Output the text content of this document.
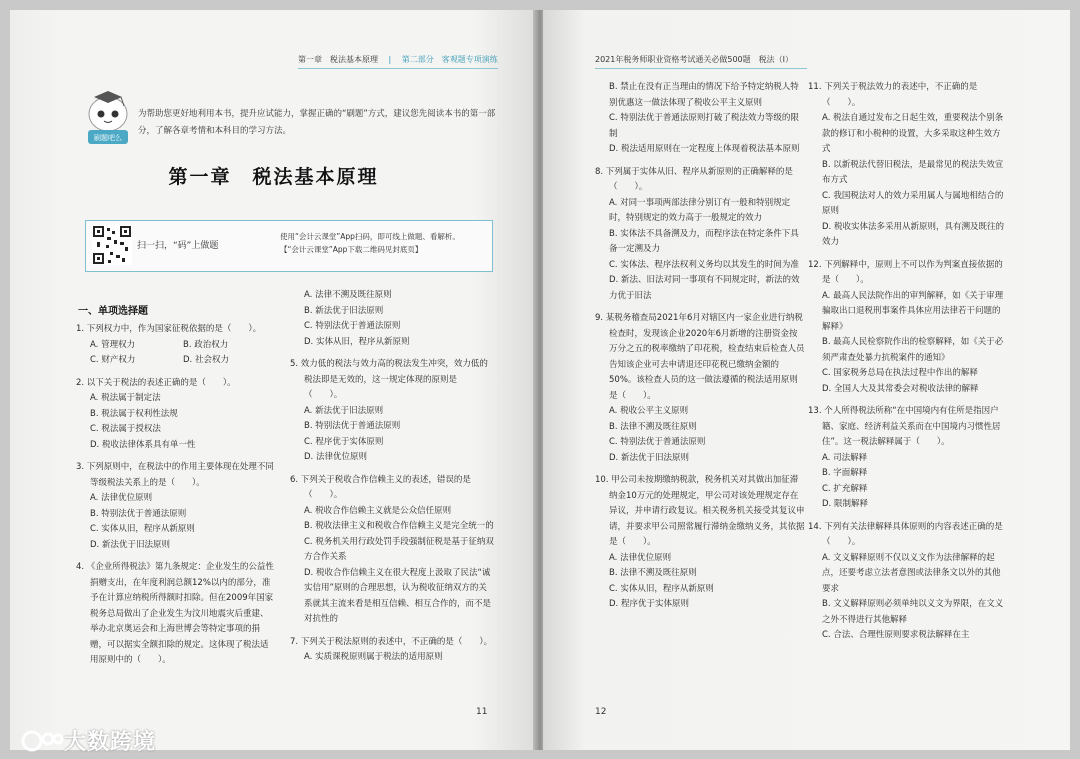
第一章　税法基本原理 　|　 第二部分　客观题专项演练
刷题吧么
为帮助您更好地利用本书，提升应试能力，掌握正确的“刷题”方式，建议您先阅读本书的第一部分，了解各章考情和本科目的学习方法。
第一章　税法基本原理
扫一扫，“码”上做题
使用“会计云课堂”App扫码，即可线上做题、看解析。
【“会计云课堂”App下载二维码见封底页】
一、单项选择题
1. 下列权力中，作为国家征税依据的是（　　）。
A. 管理权力	B. 政治权力
C. 财产权力	D. 社会权力
2. 以下关于税法的表述正确的是（　　）。
A. 税法属于制定法
B. 税法属于权利性法规
C. 税法属于授权法
D. 税收法律体系具有单一性
3. 下列原则中，在税法中的作用主要体现在处理不同等级税法关系上的是（　　）。
A. 法律优位原则
B. 特别法优于普通法原则
C. 实体从旧，程序从新原则
D. 新法优于旧法原则
4. 《企业所得税法》第九条规定：企业发生的公益性捐赠支出，在年度利润总额12%以内的部分，准予在计算应纳税所得额时扣除。但在2009年国家税务总局做出了企业发生为汶川地震灾后重建、举办北京奥运会和上海世博会等特定事项的捐赠，可以据实全额扣除的规定。这体现了税法适用原则中的（　　）。
A. 法律不溯及既往原则
B. 新法优于旧法原则
C. 特别法优于普通法原则
D. 实体从旧，程序从新原则
5. 效力低的税法与效力高的税法发生冲突，效力低的税法即是无效的，这一规定体现的原则是（　　）。
A. 新法优于旧法原则
B. 特别法优于普通法原则
C. 程序优于实体原则
D. 法律优位原则
6. 下列关于税收合作信赖主义的表述，错误的是（　　）。
A. 税收合作信赖主义就是公众信任原则
B. 税收法律主义和税收合作信赖主义是完全统一的
C. 税务机关用行政处罚手段强制征税是基于征纳双方合作关系
D. 税收合作信赖主义在很大程度上汲取了民法“诚实信用”原则的合理思想，认为税收征纳双方的关系就其主流来看是相互信赖、相互合作的，而不是对抗性的
7. 下列关于税法原则的表述中，不正确的是（　　）。
A. 实质课税原则属于税法的适用原则
11
2021年税务师职业资格考试通关必做500题　税法（Ⅰ）
B. 禁止在没有正当理由的情况下给予特定纳税人特别优惠这一做法体现了税收公平主义原则
C. 特别法优于普通法原则打破了税法效力等级的限制
D. 税法适用原则在一定程度上体现着税法基本原则
8. 下列属于实体从旧、程序从新原则的正确解释的是（　　）。
A. 对同一事项两部法律分别订有一般和特别规定时，特别规定的效力高于一般规定的效力
B. 实体法不具备溯及力，而程序法在特定条件下具备一定溯及力
C. 实体法、程序法权利义务均以其发生的时间为准
D. 新法、旧法对同一事项有不同规定时，新法的效力优于旧法
9. 某税务稽查局2021年6月对辖区内一家企业进行纳税检查时，发现该企业2020年6月新增的注册资金按万分之五的税率缴纳了印花税，检查结束后检查人员告知该企业可去申请退还印花税已缴纳金额的50%。该检查人员的这一做法遵循的税法适用原则是（　　）。
A. 税收公平主义原则
B. 法律不溯及既往原则
C. 特别法优于普通法原则
D. 新法优于旧法原则
10. 甲公司未按期缴纳税款，税务机关对其做出加征滞纳金10万元的处理规定，甲公司对该处理规定存在异议，并申请行政复议。相关税务机关接受其复议申请，并要求甲公司照常履行滞纳金缴纳义务，其依据是（　　）。
A. 法律优位原则
B. 法律不溯及既往原则
C. 实体从旧，程序从新原则
D. 程序优于实体原则
11. 下列关于税法效力的表述中，不正确的是（　　）。
A. 税法自通过发布之日起生效，重要税法个别条款的修订和小税种的设置，大多采取这种生效方式
B. 以新税法代替旧税法，是最常见的税法失效宣布方式
C. 我国税法对人的效力采用属人与属地相结合的原则
D. 税收实体法多采用从新原则，具有溯及既往的效力
12. 下列解释中，原则上不可以作为判案直接依据的是（　　）。
A. 最高人民法院作出的审判解释，如《关于审理骗取出口退税刑事案件具体应用法律若干问题的解释》
B. 最高人民检察院作出的检察解释，如《关于必须严肃查处暴力抗税案件的通知》
C. 国家税务总局在执法过程中作出的解释
D. 全国人大及其常委会对税收法律的解释
13. 个人所得税法所称“在中国境内有住所是指因户籍、家庭、经济利益关系而在中国境内习惯性居住”。这一税法解释属于（　　）。
A. 司法解释
B. 字面解释
C. 扩充解释
D. 限制解释
14. 下列有关法律解释具体原则的内容表述正确的是（　　）。
A. 文义解释原则不仅以义文作为法律解释的起点，还要考虑立法者意图或法律条文以外的其他要求
B. 文义解释原则必须单纯以义文为界限，在文义之外不得进行其他解释
C. 合法、合理性原则要求税法解释在主
12
大数跨境
